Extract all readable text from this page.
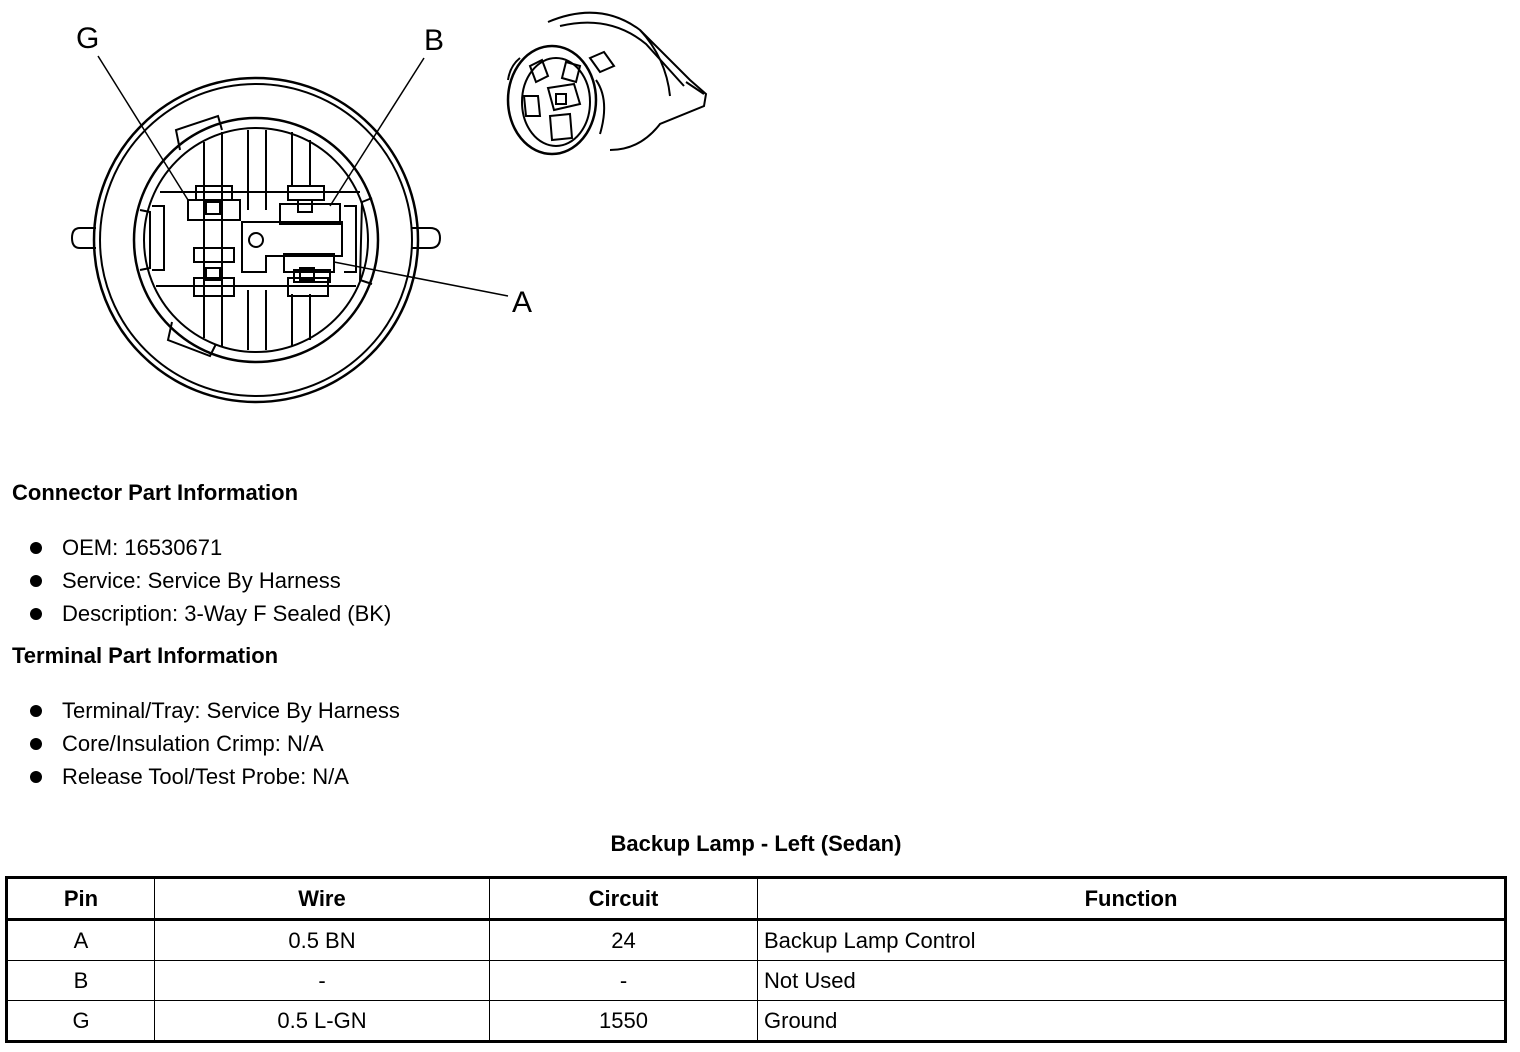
G	B
A
Connector Part Information
OEM: 16530671
Service: Service By Harness
Description: 3-Way F Sealed (BK)
Terminal Part Information
Terminal/Tray: Service By Harness
Core/Insulation Crimp: N/A
Release Tool/Test Probe: N/A
Backup Lamp - Left (Sedan)
Pin	Wire	Circuit	Function
A	0.5 BN	24	Backup Lamp Control
B	-	-	Not Used
G	0.5 L-GN	1550	Ground
